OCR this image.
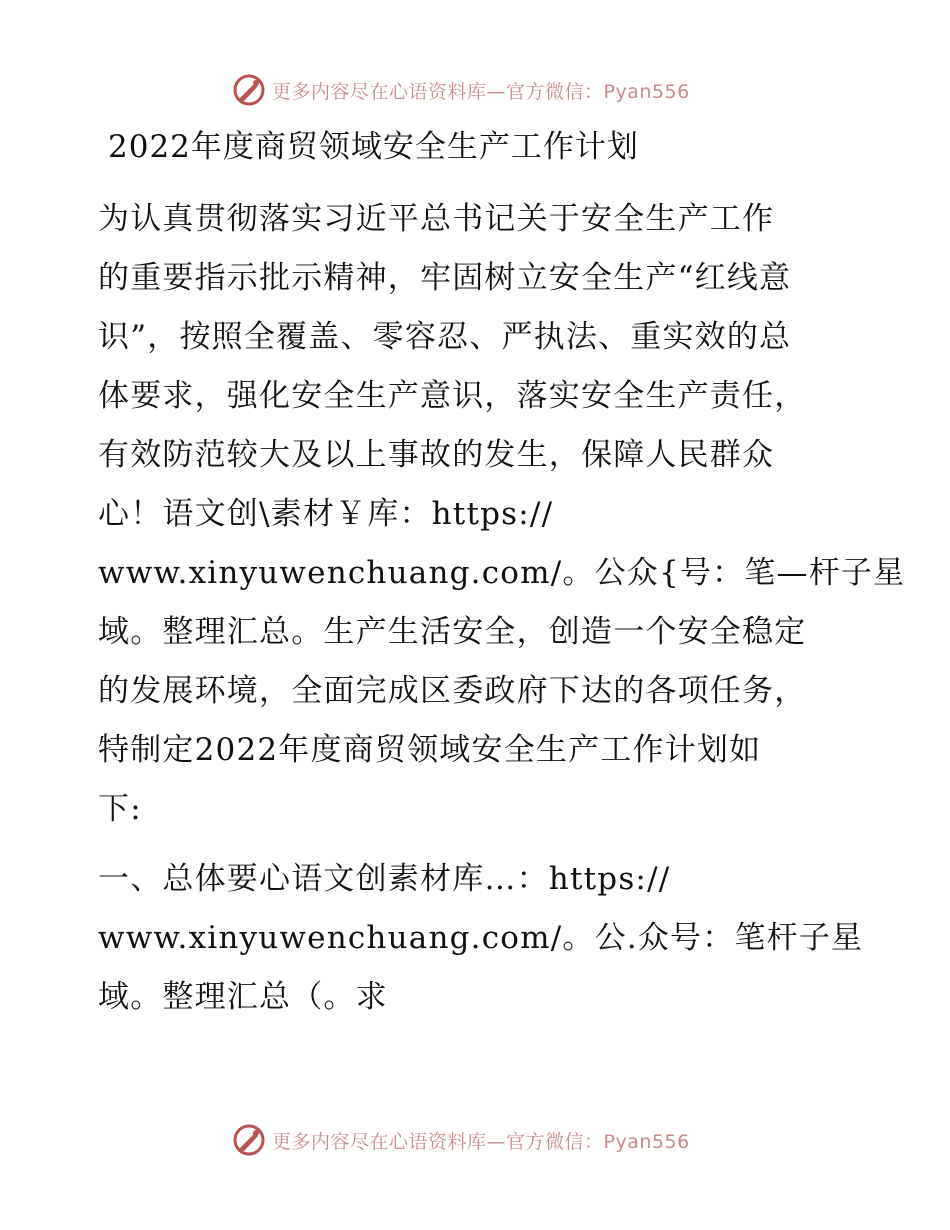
更多内容尽在心语资料库—官方微信：Pyan556
2022年度商贸领域安全生产工作计划

为认真贯彻落实习近平总书记关于安全生产工作
的重要指示批示精神，牢固树立安全生产“红线意
识”，按照全覆盖、零容忍、严执法、重实效的总
体要求，强化安全生产意识，落实安全生产责任，
有效防范较大及以上事故的发生，保障人民群众
心！语文创\素材￥库：https://
www.xinyuwenchuang.com/。公众{号：笔—杆子星
域。整理汇总。生产生活安全，创造一个安全稳定
的发展环境，全面完成区委政府下达的各项任务，
特制定2022年度商贸领域安全生产工作计划如
下:

一、总体要心语文创素材库…：https://
www.xinyuwenchuang.com/。公.众号：笔杆子星
域。整理汇总（。求

更多内容尽在心语资料库—官方微信：Pyan556
